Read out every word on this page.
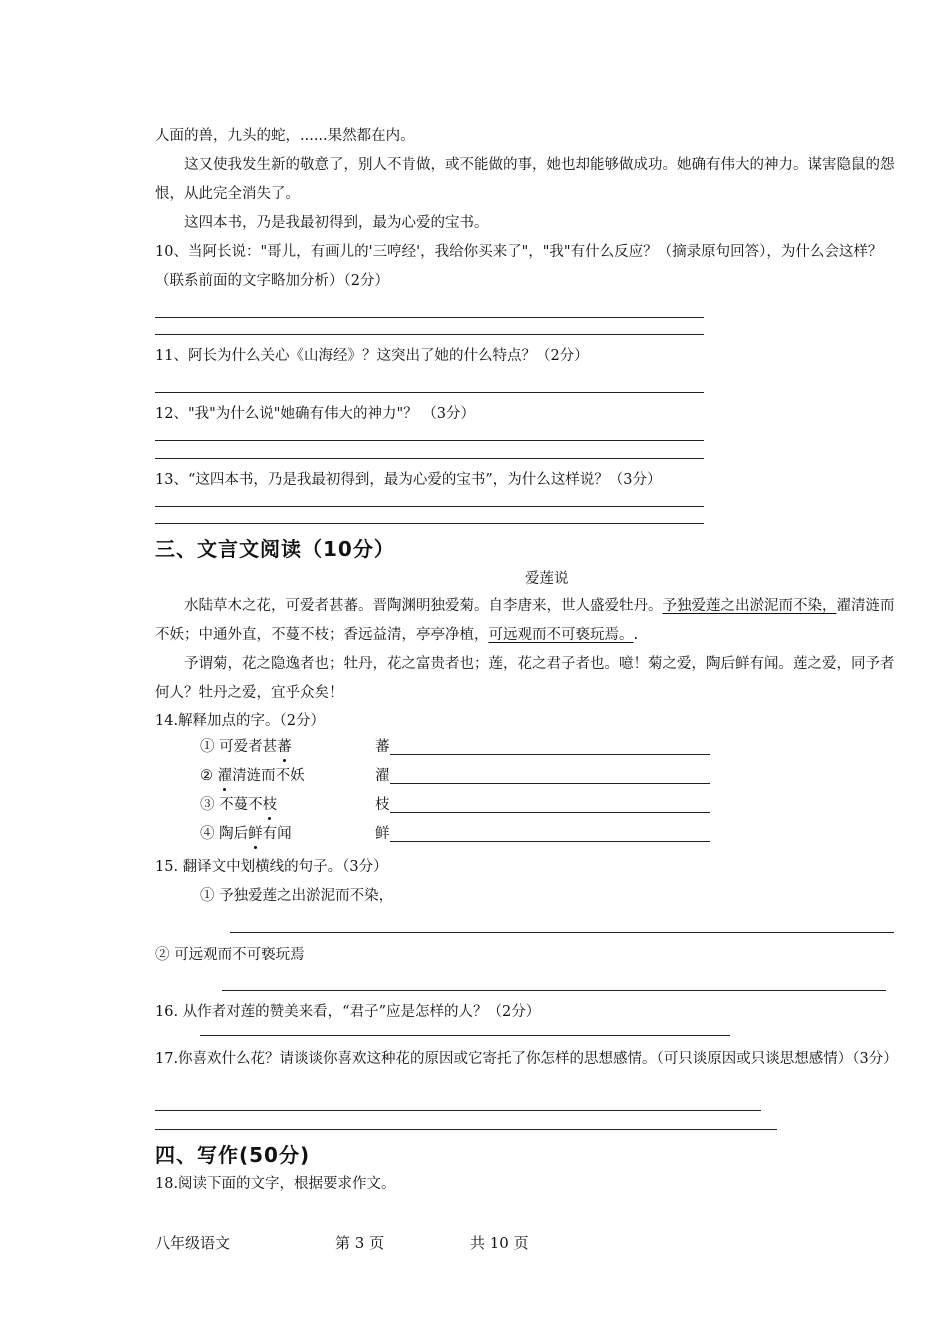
人面的兽，九头的蛇，......果然都在内。

这又使我发生新的敬意了，别人不肯做，或不能做的事，她也却能够做成功。她确有伟大的神力。谋害隐鼠的怨恨，从此完全消失了。

这四本书，乃是我最初得到，最为心爱的宝书。

10、当阿长说："哥儿，有画儿的'三哼经'，我给你买来了"，"我"有什么反应？（摘录原句回答），为什么会这样？（联系前面的文字略加分析）（2分）

11、阿长为什么关心《山海经》？这突出了她的什么特点？（2分）

12、"我"为什么说"她确有伟大的神力"？ （3分）

13、“这四本书，乃是我最初得到，最为心爱的宝书”，为什么这样说？（3分）

三、文言文阅读（10分）
爱莲说

水陆草木之花，可爱者甚蕃。晋陶渊明独爱菊。自李唐来，世人盛爱牡丹。予独爱莲之出淤泥而不染，濯清涟而不妖；中通外直，不蔓不枝；香远益清，亭亭净植，可远观而不可亵玩焉。.

予谓菊，花之隐逸者也；牡丹，花之富贵者也；莲，花之君子者也。噫！菊之爱，陶后鲜有闻。莲之爱，同予者何人？牡丹之爱，宜乎众矣！

14.解释加点的字。（2分）

① 可爱者甚蕃	蕃
② 濯清涟而不妖	濯
③ 不蔓不枝	枝
④ 陶后鲜有闻	鲜

15. 翻译文中划横线的句子。（3分）

① 予独爱莲之出淤泥而不染，

② 可远观而不可亵玩焉

16. 从作者对莲的赞美来看，“君子”应是怎样的人？（2分）

17.你喜欢什么花？请谈谈你喜欢这种花的原因或它寄托了你怎样的思想感情。（可只谈原因或只谈思想感情）（3分）

四、写作(50分)

18.阅读下面的文字，根据要求作文。

八年级语文	第 3 页	共 10 页
